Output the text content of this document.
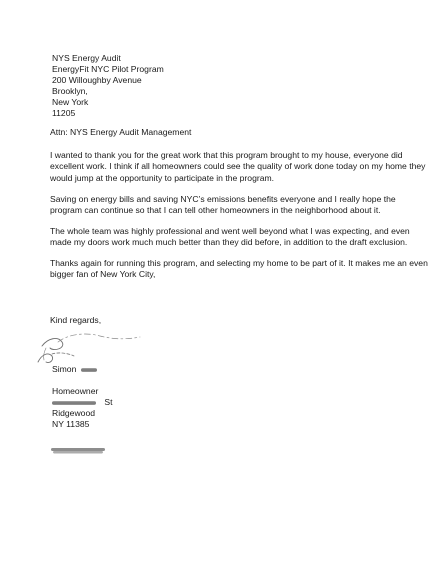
NYS Energy Audit
EnergyFit NYC Pilot Program
200 Willoughby Avenue
Brooklyn,
New York
11205
Attn: NYS Energy Audit Management

I wanted to thank you for the great work that this program brought to my house, everyone did excellent work. I think if all homeowners could see the quality of work done today on my home they would jump at the opportunity to participate in the program.

Saving on energy bills and saving NYC’s emissions benefits everyone and I really hope the program can continue so that I can tell other homeowners in the neighborhood about it.

The whole team was highly professional and went well beyond what I was expecting, and even made my doors work much much better than they did before, in addition to the draft exclusion.

Thanks again for running this program, and selecting my home to be part of it. It makes me an even bigger fan of New York City,

Kind regards,
Simon
Homeowner
St
Ridgewood
NY 11385
